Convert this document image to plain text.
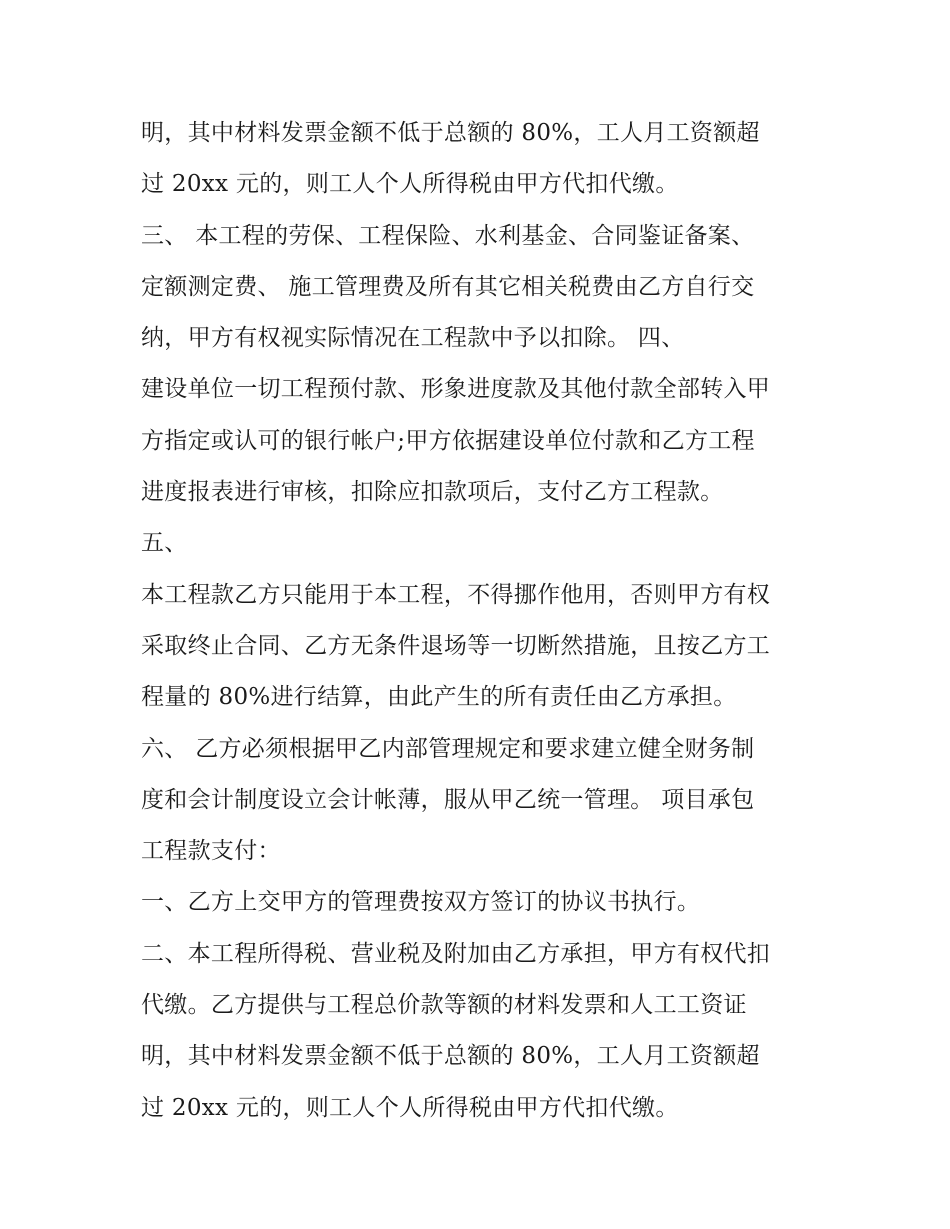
明，其中材料发票金额不低于总额的 80%，工人月工资额超
过 20xx 元的，则工人个人所得税由甲方代扣代缴。
三、 本工程的劳保、工程保险、水利基金、合同鉴证备案、
定额测定费、 施工管理费及所有其它相关税费由乙方自行交
纳，甲方有权视实际情况在工程款中予以扣除。 四、
建设单位一切工程预付款、形象进度款及其他付款全部转入甲
方指定或认可的银行帐户;甲方依据建设单位付款和乙方工程
进度报表进行审核，扣除应扣款项后，支付乙方工程款。
五、
本工程款乙方只能用于本工程，不得挪作他用，否则甲方有权
采取终止合同、乙方无条件退场等一切断然措施，且按乙方工
程量的 80%进行结算，由此产生的所有责任由乙方承担。
六、 乙方必须根据甲乙内部管理规定和要求建立健全财务制
度和会计制度设立会计帐薄，服从甲乙统一管理。 项目承包
工程款支付：
一、乙方上交甲方的管理费按双方签订的协议书执行。
二、本工程所得税、营业税及附加由乙方承担，甲方有权代扣
代缴。乙方提供与工程总价款等额的材料发票和人工工资证
明，其中材料发票金额不低于总额的 80%，工人月工资额超
过 20xx 元的，则工人个人所得税由甲方代扣代缴。
